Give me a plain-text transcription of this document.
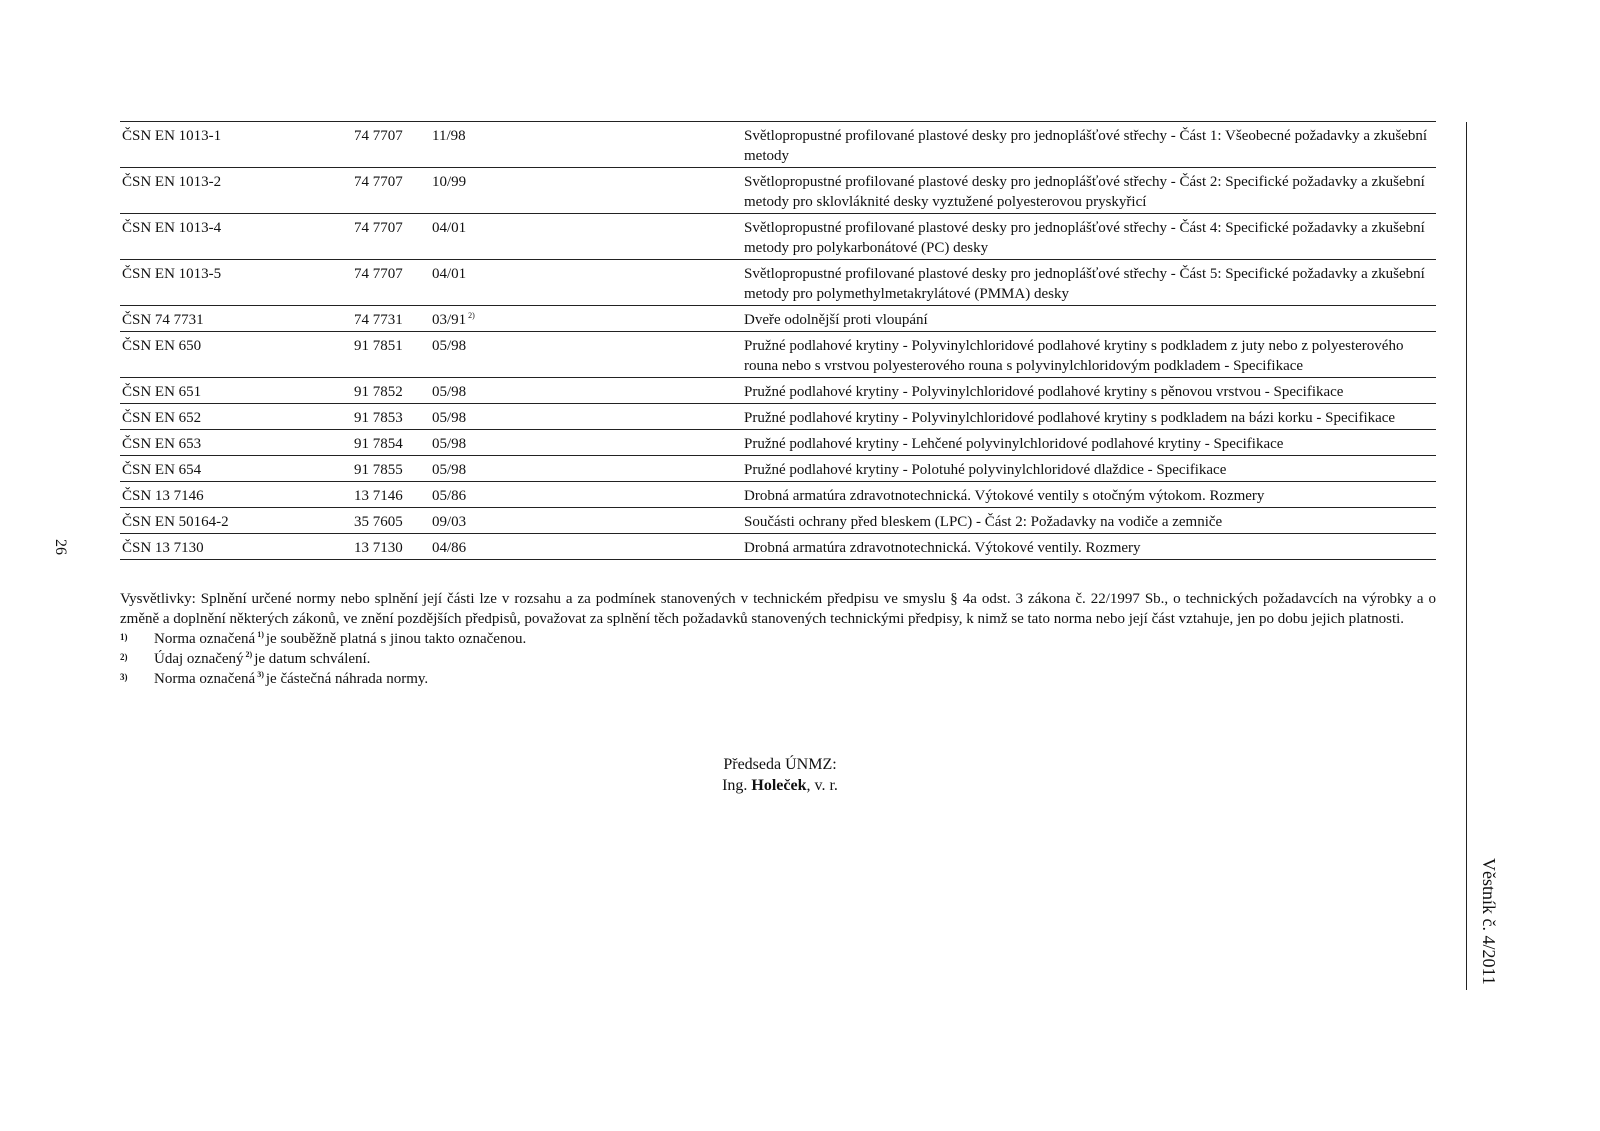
26
Věstník č. 4/2011
ČSN EN 1013-1	74 7707	11/98	Světlopropustné profilované plastové desky pro jednoplášťové střechy - Část 1: Všeobecné požadavky a zkušební metody
ČSN EN 1013-2	74 7707	10/99	Světlopropustné profilované plastové desky pro jednoplášťové střechy - Část 2: Specifické požadavky a zkušební metody pro sklovláknité desky vyztužené polyesterovou pryskyřicí
ČSN EN 1013-4	74 7707	04/01	Světlopropustné profilované plastové desky pro jednoplášťové střechy - Část 4: Specifické požadavky a zkušební metody pro polykarbonátové (PC) desky
ČSN EN 1013-5	74 7707	04/01	Světlopropustné profilované plastové desky pro jednoplášťové střechy - Část 5: Specifické požadavky a zkušební metody pro polymethylmetakrylátové (PMMA) desky
ČSN 74 7731	74 7731	03/91 $^{2)}$	Dveře odolnější proti vloupání
ČSN EN 650	91 7851	05/98	Pružné podlahové krytiny - Polyvinylchloridové podlahové krytiny s podkladem z juty nebo z polyesterového rouna nebo s vrstvou polyesterového rouna s polyvinylchloridovým podkladem - Specifikace
ČSN EN 651	91 7852	05/98	Pružné podlahové krytiny - Polyvinylchloridové podlahové krytiny s pěnovou vrstvou - Specifikace
ČSN EN 652	91 7853	05/98	Pružné podlahové krytiny - Polyvinylchloridové podlahové krytiny s podkladem na bázi korku - Specifikace
ČSN EN 653	91 7854	05/98	Pružné podlahové krytiny - Lehčené polyvinylchloridové podlahové krytiny - Specifikace
ČSN EN 654	91 7855	05/98	Pružné podlahové krytiny - Polotuhé polyvinylchloridové dlaždice - Specifikace
ČSN 13 7146	13 7146	05/86	Drobná armatúra zdravotnotechnická. Výtokové ventily s otočným výtokom. Rozmery
ČSN EN 50164-2	35 7605	09/03	Součásti ochrany před bleskem (LPC) - Část 2: Požadavky na vodiče a zemniče
ČSN 13 7130	13 7130	04/86	Drobná armatúra zdravotnotechnická. Výtokové ventily. Rozmery

Vysvětlivky: Splnění určené normy nebo splnění její části lze v rozsahu a za podmínek stanovených v technickém předpisu ve smyslu § 4a odst. 3 zákona č. 22/1997 Sb., o technických požadavcích na výrobky a o změně a doplnění některých zákonů, ve znění pozdějších předpisů, považovat za splnění těch požadavků stanovených technickými předpisy, k nimž se tato norma nebo její část vztahuje, jen po dobu jejich platnosti.

1)	Norma označená $^{1)}$ je souběžně platná s jinou takto označenou.
2)	Údaj označený $^{2)}$ je datum schválení.
3)	Norma označená $^{3)}$ je částečná náhrada normy.
Předseda ÚNMZ:
Ing. Holeček, v. r.
